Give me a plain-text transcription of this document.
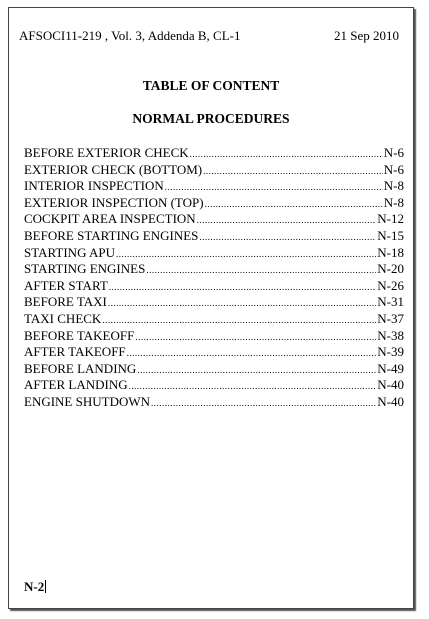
AFSOCI11-219 , Vol. 3, Addenda B, CL-1	21 Sep 2010
TABLE OF CONTENT
NORMAL PROCEDURES
BEFORE EXTERIOR CHECK .....	N-6
EXTERIOR CHECK (BOTTOM) .....	N-6
INTERIOR INSPECTION .....	N-8
EXTERIOR INSPECTION (TOP) .....	N-8
COCKPIT AREA INSPECTION .....	N-12
BEFORE STARTING ENGINES .....	N-15
STARTING APU .....	N-18
STARTING ENGINES .....	N-20
AFTER START .....	N-26
BEFORE TAXI .....	N-31
TAXI CHECK .....	N-37
BEFORE TAKEOFF .....	N-38
AFTER TAKEOFF .....	N-39
BEFORE LANDING .....	N-49
AFTER LANDING .....	N-40
ENGINE SHUTDOWN .....	N-40
N-2
